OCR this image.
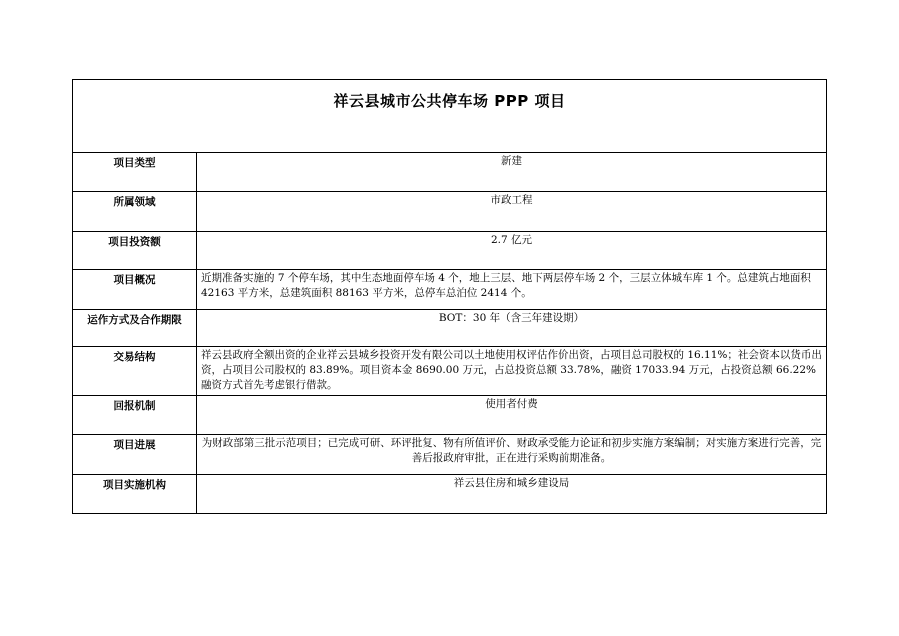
祥云县城市公共停车场 PPP 项目	

项目类型	新建
所属领域	市政工程
项目投资额	2.7 亿元
项目概况	近期准备实施的 7 个停车场，其中生态地面停车场 4 个，地上三层、地下两层停车场 2 个，三层立体城车库 1 个。总建筑占地面积 42163 平方米，总建筑面积 88163 平方米，总停车总泊位 2414 个。
运作方式及合作期限	BOT：30 年（含三年建设期）
交易结构	祥云县政府全额出资的企业祥云县城乡投资开发有限公司以土地使用权评估作价出资，占项目总司股权的 16.11%；社会资本以货币出资，占项目公司股权的 83.89%。项目资本金 8690.00 万元，占总投资总额 33.78%，融资 17033.94 万元，占投资总额 66.22%融资方式首先考虑银行借款。
回报机制	使用者付费
项目进展	为财政部第三批示范项目；已完成可研、环评批复、物有所值评价、财政承受能力论证和初步实施方案编制；对实施方案进行完善，完善后报政府审批，正在进行采购前期准备。
项目实施机构	祥云县住房和城乡建设局
